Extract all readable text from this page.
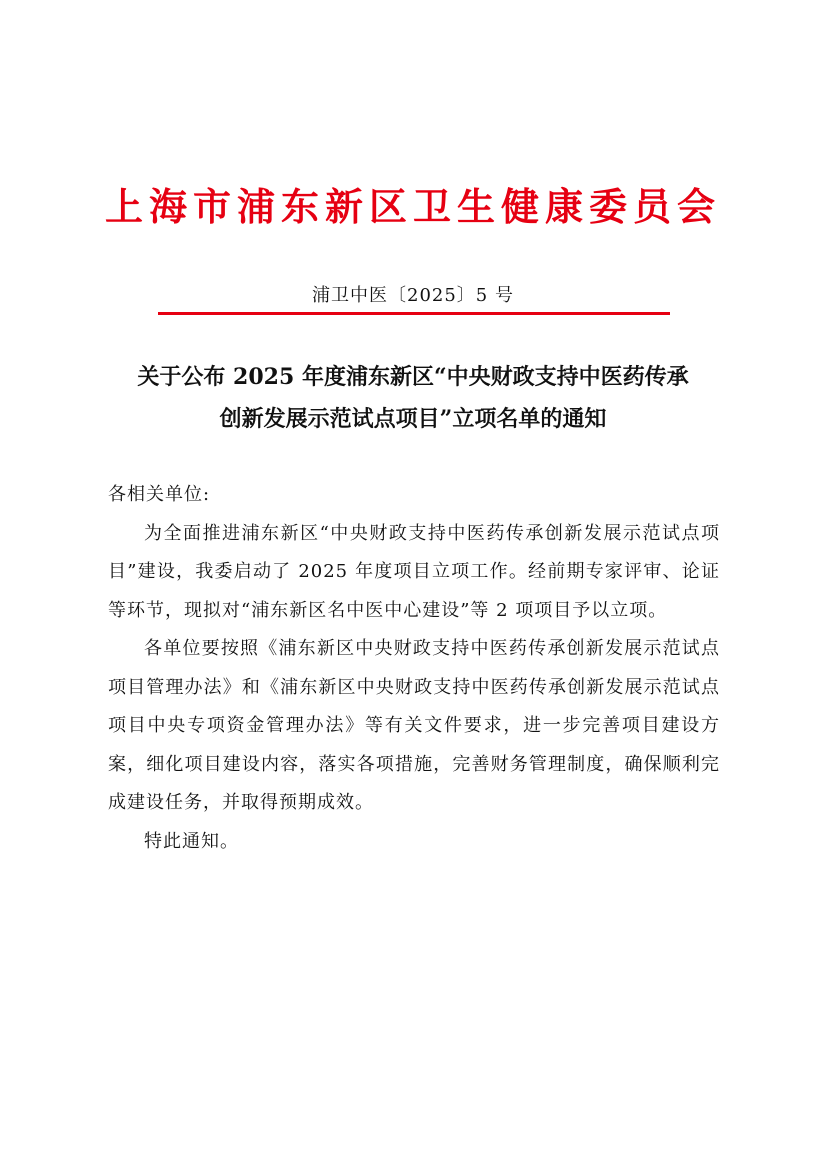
上海市浦东新区卫生健康委员会
浦卫中医〔2025〕5 号
关于公布 2025 年度浦东新区“中央财政支持中医药传承
创新发展示范试点项目”立项名单的通知

各相关单位:

为全面推进浦东新区“中央财政支持中医药传承创新发展示范试点项目”建设，我委启动了 2025 年度项目立项工作。经前期专家评审、论证等环节，现拟对“浦东新区名中医中心建设”等 2 项项目予以立项。

各单位要按照《浦东新区中央财政支持中医药传承创新发展示范试点项目管理办法》和《浦东新区中央财政支持中医药传承创新发展示范试点项目中央专项资金管理办法》等有关文件要求，进一步完善项目建设方案，细化项目建设内容，落实各项措施，完善财务管理制度，确保顺利完成建设任务，并取得预期成效。

特此通知。
